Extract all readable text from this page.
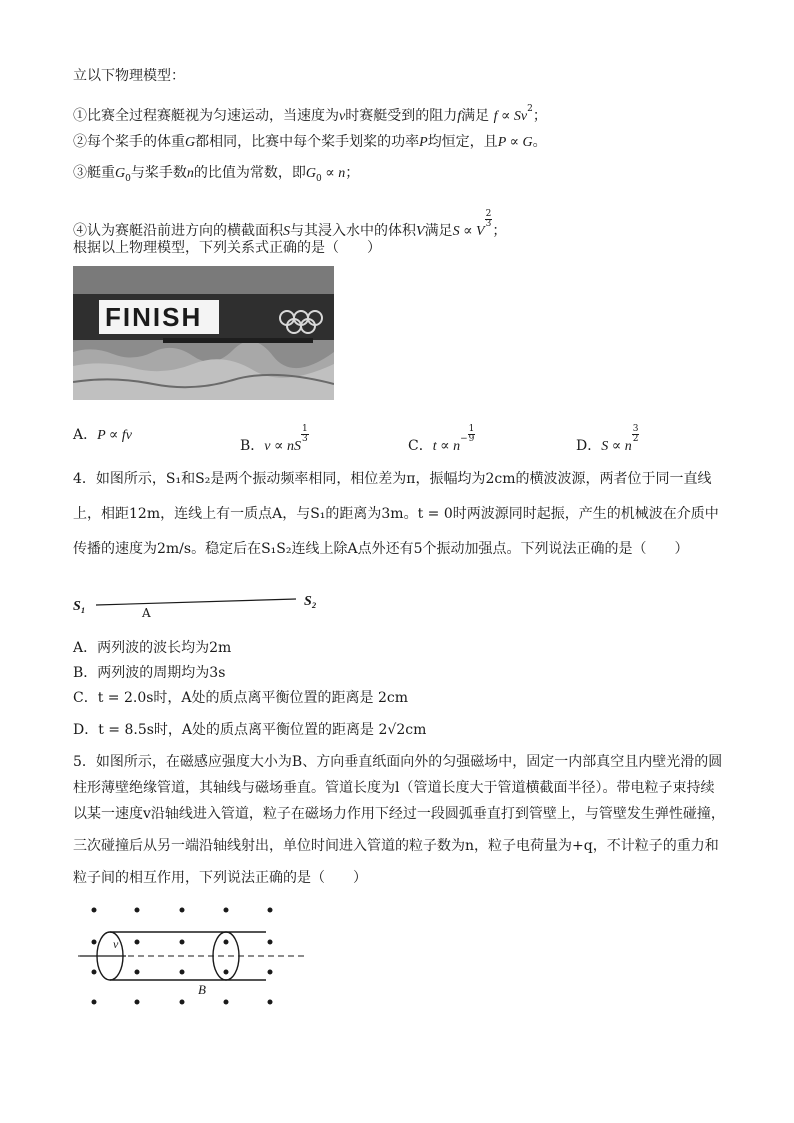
立以下物理模型：
①比赛全过程赛艇视为匀速运动，当速度为v时赛艇受到的阻力f满足 $f \propto Sv^2$；
②每个桨手的体重G都相同，比赛中每个桨手划桨的功率P均恒定，且P ∝ G。
③艇重$G_0$与桨手数n的比值为常数，即$G_0 \propto n$；
④认为赛艇沿前进方向的横截面积S与其浸入水中的体积V满足S ∝ V
$\frac{2}{3}$
；
根据以上物理模型，下列关系式正确的是（　　）
FINISH
A．P ∝ fv
B．v ∝ nS
$\frac{1}{3}$
C．$t \propto n^- \frac{1}{9}$
D．S ∝ n
$\frac{3}{2}$
4．如图所示，S₁和S₂是两个振动频率相同，相位差为π，振幅均为2cm的横波波源，两者位于同一直线
上，相距12m，连线上有一质点A，与S₁的距离为3m。t = 0时两波源同时起振，产生的机械波在介质中
传播的速度为2m/s。稳定后在S₁S₂连线上除A点外还有5个振动加强点。下列说法正确的是（　　）
S₁	A
S₂
A．两列波的波长均为2m
B．两列波的周期均为3s
C．t = 2.0s时，A处的质点离平衡位置的距离是 2cm
D．t = 8.5s时，A处的质点离平衡位置的距离是 2√2cm
5．如图所示，在磁感应强度大小为B、方向垂直纸面向外的匀强磁场中，固定一内部真空且内壁光滑的圆
柱形薄壁绝缘管道，其轴线与磁场垂直。管道长度为l（管道长度大于管道横截面半径）。带电粒子束持续
以某一速度v沿轴线进入管道，粒子在磁场力作用下经过一段圆弧垂直打到管壁上，与管壁发生弹性碰撞，
三次碰撞后从另一端沿轴线射出，单位时间进入管道的粒子数为n，粒子电荷量为+q，不计粒子的重力和
粒子间的相互作用，下列说法正确的是（　　）
v
B
